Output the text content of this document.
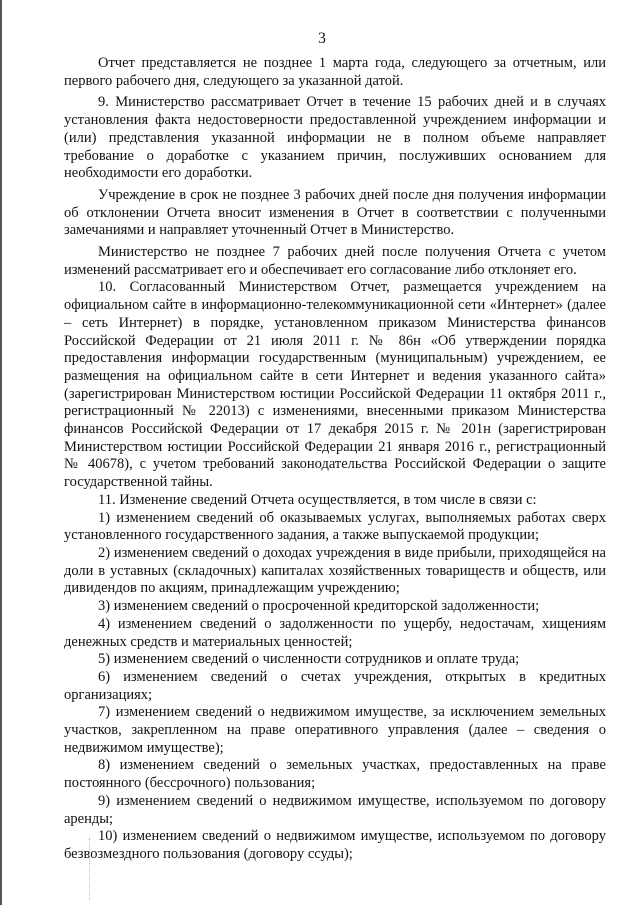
3

Отчет представляется не позднее 1 марта года, следующего за отчетным, или первого рабочего дня, следующего за указанной датой.

9. Министерство рассматривает Отчет в течение 15 рабочих дней и в случаях установления факта недостоверности предоставленной учреждением информации и (или) представления указанной информации не в полном объеме направляет требование о доработке с указанием причин, послуживших основанием для необходимости его доработки.

Учреждение в срок не позднее 3 рабочих дней после дня получения информации об отклонении Отчета вносит изменения в Отчет в соответствии с полученными замечаниями и направляет уточненный Отчет в Министерство.

Министерство не позднее 7 рабочих дней после получения Отчета с учетом изменений рассматривает его и обеспечивает его согласование либо отклоняет его.

10. Согласованный Министерством Отчет, размещается учреждением на официальном сайте в информационно-телекоммуникационной сети «Интернет» (далее – сеть Интернет) в порядке, установленном приказом Министерства финансов Российской Федерации от 21 июля 2011 г. № 86н «Об утверждении порядка предоставления информации государственным (муниципальным) учреждением, ее размещения на официальном сайте в сети Интернет и ведения указанного сайта» (зарегистрирован Министерством юстиции Российской Федерации 11 октября 2011 г., регистрационный № 22013) с изменениями, внесенными приказом Министерства финансов Российской Федерации от 17 декабря 2015 г. № 201н (зарегистрирован Министерством юстиции Российской Федерации 21 января 2016 г., регистрационный № 40678), с учетом требований законодательства Российской Федерации о защите государственной тайны.

11. Изменение сведений Отчета осуществляется, в том числе в связи с:

1) изменением сведений об оказываемых услугах, выполняемых работах сверх установленного государственного задания, а также выпускаемой продукции;

2) изменением сведений о доходах учреждения в виде прибыли, приходящейся на доли в уставных (складочных) капиталах хозяйственных товариществ и обществ, или дивидендов по акциям, принадлежащим учреждению;

3) изменением сведений о просроченной кредиторской задолженности;

4) изменением сведений о задолженности по ущербу, недостачам, хищениям денежных средств и материальных ценностей;

5) изменением сведений о численности сотрудников и оплате труда;

6) изменением сведений о счетах учреждения, открытых в кредитных организациях;

7) изменением сведений о недвижимом имуществе, за исключением земельных участков, закрепленном на праве оперативного управления (далее – сведения о недвижимом имуществе);

8) изменением сведений о земельных участках, предоставленных на праве постоянного (бессрочного) пользования;

9) изменением сведений о недвижимом имуществе, используемом по договору аренды;

10) изменением сведений о недвижимом имуществе, используемом по договору безвозмездного пользования (договору ссуды);
